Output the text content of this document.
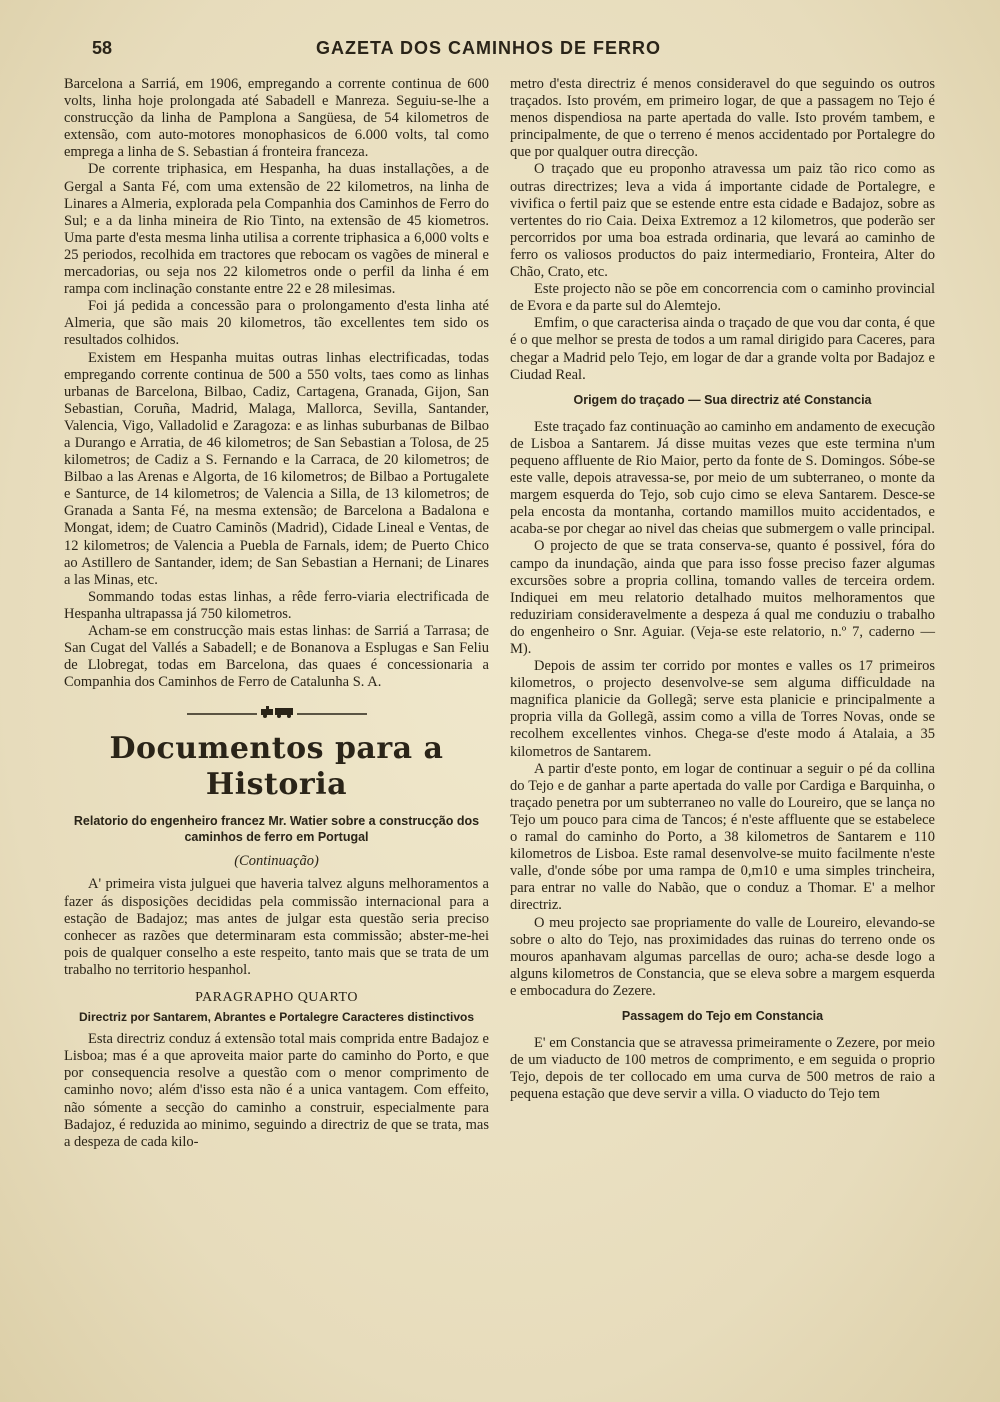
58	GAZETA DOS CAMINHOS DE FERRO

Barcelona a Sarriá, em 1906, empregando a corrente continua de 600 volts, linha hoje prolongada até Sabadell e Manreza. Seguiu-se-lhe a construcção da linha de Pamplona a Sangüesa, de 54 kilometros de extensão, com auto-motores monophasicos de 6.000 volts, tal como emprega a linha de S. Sebastian á fronteira franceza.

De corrente triphasica, em Hespanha, ha duas installações, a de Gergal a Santa Fé, com uma extensão de 22 kilometros, na linha de Linares a Almeria, explorada pela Companhia dos Caminhos de Ferro do Sul; e a da linha mineira de Rio Tinto, na extensão de 45 kiometros. Uma parte d'esta mesma linha utilisa a corrente triphasica a 6,000 volts e 25 periodos, recolhida em tractores que rebocam os vagões de mineral e mercadorias, ou seja nos 22 kilometros onde o perfil da linha é em rampa com inclinação constante entre 22 e 28 milesimas.

Foi já pedida a concessão para o prolongamento d'esta linha até Almeria, que são mais 20 kilometros, tão excellentes tem sido os resultados colhidos.

Existem em Hespanha muitas outras linhas electrificadas, todas empregando corrente continua de 500 a 550 volts, taes como as linhas urbanas de Barcelona, Bilbao, Cadiz, Cartagena, Granada, Gijon, San Sebastian, Coruña, Madrid, Malaga, Mallorca, Sevilla, Santander, Valencia, Vigo, Valladolid e Zaragoza: e as linhas suburbanas de Bilbao a Durango e Arratia, de 46 kilometros; de San Sebastian a Tolosa, de 25 kilometros; de Cadiz a S. Fernando e la Carraca, de 20 kilometros; de Bilbao a las Arenas e Algorta, de 16 kilometros; de Bilbao a Portugalete e Santurce, de 14 kilometros; de Valencia a Silla, de 13 kilometros; de Granada a Santa Fé, na mesma extensão; de Barcelona a Badalona e Mongat, idem; de Cuatro Caminõs (Madrid), Cidade Lineal e Ventas, de 12 kilometros; de Valencia a Puebla de Farnals, idem; de Puerto Chico ao Astillero de Santander, idem; de San Sebastian a Hernani; de Linares a las Minas, etc.

Sommando todas estas linhas, a rêde ferro-viaria electrificada de Hespanha ultrapassa já 750 kilometros.

Acham-se em construcção mais estas linhas: de Sarriá a Tarrasa; de San Cugat del Vallés a Sabadell; e de Bonanova a Esplugas e San Feliu de Llobregat, todas em Barcelona, das quaes é concessionaria a Companhia dos Caminhos de Ferro de Catalunha S. A.

Documentos para a Historia
Relatorio do engenheiro francez Mr. Watier sobre a construcção dos caminhos de ferro em Portugal
(Continuação)

A' primeira vista julguei que haveria talvez alguns melhoramentos a fazer ás disposições decididas pela commissão internacional para a estação de Badajoz; mas antes de julgar esta questão seria preciso conhecer as razões que determinaram esta commissão; abster-me-hei pois de qualquer conselho a este respeito, tanto mais que se trata de um trabalho no territorio hespanhol.

PARAGRAPHO QUARTO
Directriz por Santarem, Abrantes e Portalegre Caracteres distinctivos

Esta directriz conduz á extensão total mais comprida entre Badajoz e Lisboa; mas é a que aproveita maior parte do caminho do Porto, e que por consequencia resolve a questão com o menor comprimento de caminho novo; além d'isso esta não é a unica vantagem. Com effeito, não sómente a secção do caminho a construir, especialmente para Badajoz, é reduzida ao minimo, seguindo a directriz de que se trata, mas a despeza de cada kilo-

metro d'esta directriz é menos consideravel do que seguindo os outros traçados. Isto provém, em primeiro logar, de que a passagem no Tejo é menos dispendiosa na parte apertada do valle. Isto provém tambem, e principalmente, de que o terreno é menos accidentado por Portalegre do que por qualquer outra direcção.

O traçado que eu proponho atravessa um paiz tão rico como as outras directrizes; leva a vida á importante cidade de Portalegre, e vivifica o fertil paiz que se estende entre esta cidade e Badajoz, sobre as vertentes do rio Caia. Deixa Extremoz a 12 kilometros, que poderão ser percorridos por uma boa estrada ordinaria, que levará ao caminho de ferro os valiosos productos do paiz intermediario, Fronteira, Alter do Chão, Crato, etc.

Este projecto não se põe em concorrencia com o caminho provincial de Evora e da parte sul do Alemtejo.

Emfim, o que caracterisa ainda o traçado de que vou dar conta, é que é o que melhor se presta de todos a um ramal dirigido para Caceres, para chegar a Madrid pelo Tejo, em logar de dar a grande volta por Badajoz e Ciudad Real.

Origem do traçado — Sua directriz até Constancia

Este traçado faz continuação ao caminho em andamento de execução de Lisboa a Santarem. Já disse muitas vezes que este termina n'um pequeno affluente de Rio Maior, perto da fonte de S. Domingos. Sóbe-se este valle, depois atravessa-se, por meio de um subterraneo, o monte da margem esquerda do Tejo, sob cujo cimo se eleva Santarem. Desce-se pela encosta da montanha, cortando mamillos muito accidentados, e acaba-se por chegar ao nivel das cheias que submergem o valle principal.

O projecto de que se trata conserva-se, quanto é possivel, fóra do campo da inundação, ainda que para isso fosse preciso fazer algumas excursões sobre a propria collina, tomando valles de terceira ordem. Indiquei em meu relatorio detalhado muitos melhoramentos que reduziriam consideravelmente a despeza á qual me conduziu o trabalho do engenheiro o Snr. Aguiar. (Veja-se este relatorio, n.º 7, caderno — M).

Depois de assim ter corrido por montes e valles os 17 primeiros kilometros, o projecto desenvolve-se sem alguma difficuldade na magnifica planicie da Gollegã; serve esta planicie e principalmente a propria villa da Gollegã, assim como a villa de Torres Novas, onde se recolhem excellentes vinhos. Chega-se d'este modo á Atalaia, a 35 kilometros de Santarem.

A partir d'este ponto, em logar de continuar a seguir o pé da collina do Tejo e de ganhar a parte apertada do valle por Cardiga e Barquinha, o traçado penetra por um subterraneo no valle do Loureiro, que se lança no Tejo um pouco para cima de Tancos; é n'este affluente que se estabelece o ramal do caminho do Porto, a 38 kilometros de Santarem e 110 kilometros de Lisboa. Este ramal desenvolve-se muito facilmente n'este valle, d'onde sóbe por uma rampa de 0,m10 e uma simples trincheira, para entrar no valle do Nabão, que o conduz a Thomar. E' a melhor directriz.

O meu projecto sae propriamente do valle de Loureiro, elevando-se sobre o alto do Tejo, nas proximidades das ruinas do terreno onde os mouros apanhavam algumas parcellas de ouro; acha-se desde logo a alguns kilometros de Constancia, que se eleva sobre a margem esquerda e embocadura do Zezere.

Passagem do Tejo em Constancia

E' em Constancia que se atravessa primeiramente o Zezere, por meio de um viaducto de 100 metros de comprimento, e em seguida o proprio Tejo, depois de ter collocado em uma curva de 500 metros de raio a pequena estação que deve servir a villa. O viaducto do Tejo tem
